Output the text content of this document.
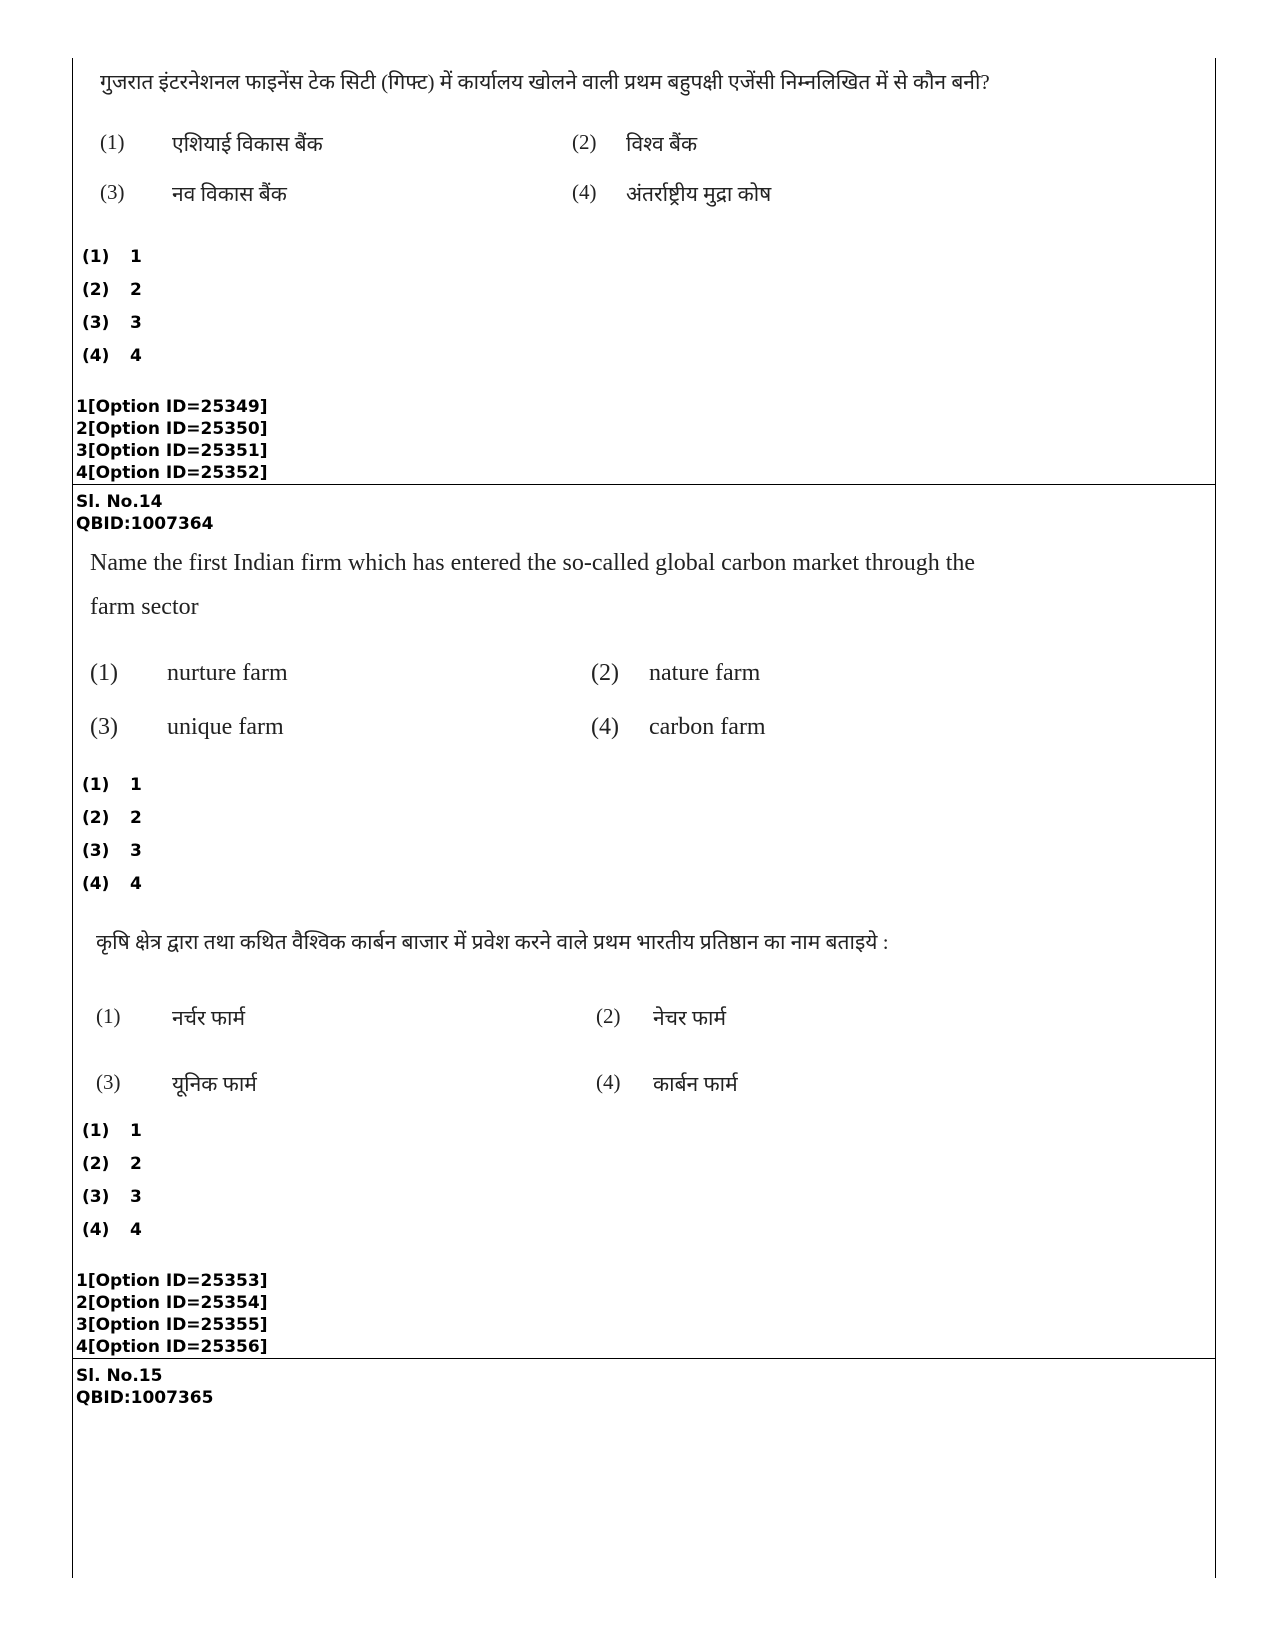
गुजरात इंटरनेशनल फाइनेंस टेक सिटी (गिफ्ट) में कार्यालय खोलने वाली प्रथम बहुपक्षी एजेंसी निम्नलिखित में से कौन बनी?
(1) एशियाई विकास बैंक	(2) विश्व बैंक
(3) नव विकास बैंक	(4) अंतर्राष्ट्रीय मुद्रा कोष
(1) 1
(2) 2
(3) 3
(4) 4
1[Option ID=25349]
2[Option ID=25350]
3[Option ID=25351]
4[Option ID=25352]
Sl. No.14
QBID:1007364
Name the first Indian firm which has entered the so-called global carbon market through the
farm sector
(1) nurture farm	(2) nature farm
(3) unique farm	(4) carbon farm
(1) 1
(2) 2
(3) 3
(4) 4
कृषि क्षेत्र द्वारा तथा कथित वैश्विक कार्बन बाजार में प्रवेश करने वाले प्रथम भारतीय प्रतिष्ठान का नाम बताइये :
(1) नर्चर फार्म	(2) नेचर फार्म
(3) यूनिक फार्म	(4) कार्बन फार्म
(1) 1
(2) 2
(3) 3
(4) 4
1[Option ID=25353]
2[Option ID=25354]
3[Option ID=25355]
4[Option ID=25356]
Sl. No.15
QBID:1007365
